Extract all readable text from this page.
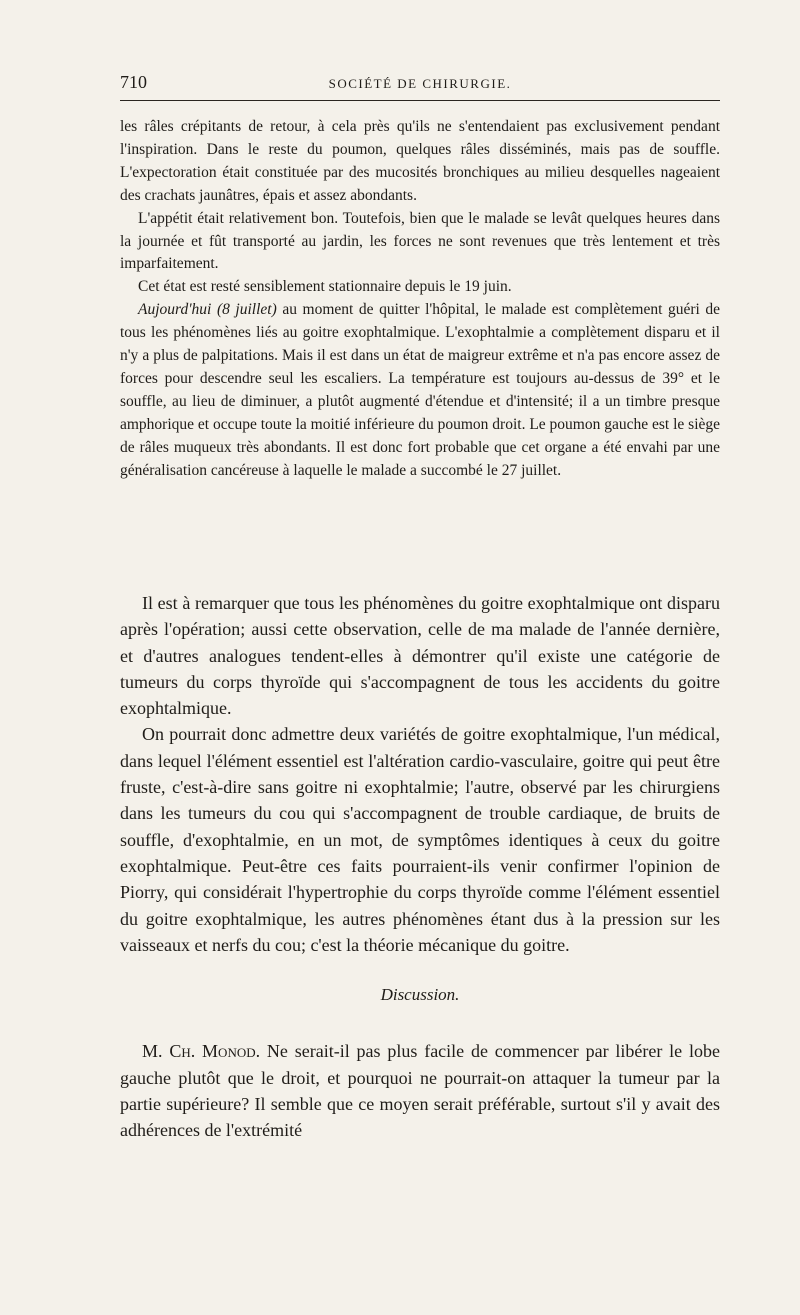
710	SOCIÉTÉ DE CHIRURGIE.

les râles crépitants de retour, à cela près qu'ils ne s'entendaient pas exclusivement pendant l'inspiration. Dans le reste du poumon, quelques râles disséminés, mais pas de souffle. L'expectoration était constituée par des mucosités bronchiques au milieu desquelles nageaient des crachats jaunâtres, épais et assez abondants.

L'appétit était relativement bon. Toutefois, bien que le malade se levât quelques heures dans la journée et fût transporté au jardin, les forces ne sont revenues que très lentement et très imparfaitement.

Cet état est resté sensiblement stationnaire depuis le 19 juin.

Aujourd'hui (8 juillet) au moment de quitter l'hôpital, le malade est complètement guéri de tous les phénomènes liés au goitre exophtalmique. L'exophtalmie a complètement disparu et il n'y a plus de palpitations. Mais il est dans un état de maigreur extrême et n'a pas encore assez de forces pour descendre seul les escaliers. La température est toujours au-dessus de 39° et le souffle, au lieu de diminuer, a plutôt augmenté d'étendue et d'intensité; il a un timbre presque amphorique et occupe toute la moitié inférieure du poumon droit. Le poumon gauche est le siège de râles muqueux très abondants. Il est donc fort probable que cet organe a été envahi par une généralisation cancéreuse à laquelle le malade a succombé le 27 juillet.

Il est à remarquer que tous les phénomènes du goitre exophtalmique ont disparu après l'opération; aussi cette observation, celle de ma malade de l'année dernière, et d'autres analogues tendent-elles à démontrer qu'il existe une catégorie de tumeurs du corps thyroïde qui s'accompagnent de tous les accidents du goitre exophtalmique.

On pourrait donc admettre deux variétés de goitre exophtalmique, l'un médical, dans lequel l'élément essentiel est l'altération cardio-vasculaire, goitre qui peut être fruste, c'est-à-dire sans goitre ni exophtalmie; l'autre, observé par les chirurgiens dans les tumeurs du cou qui s'accompagnent de trouble cardiaque, de bruits de souffle, d'exophtalmie, en un mot, de symptômes identiques à ceux du goitre exophtalmique. Peut-être ces faits pourraient-ils venir confirmer l'opinion de Piorry, qui considérait l'hypertrophie du corps thyroïde comme l'élément essentiel du goitre exophtalmique, les autres phénomènes étant dus à la pression sur les vaisseaux et nerfs du cou; c'est la théorie mécanique du goitre.

Discussion.

M. Ch. Monod. Ne serait-il pas plus facile de commencer par libérer le lobe gauche plutôt que le droit, et pourquoi ne pourrait-on attaquer la tumeur par la partie supérieure? Il semble que ce moyen serait préférable, surtout s'il y avait des adhérences de l'extrémité
